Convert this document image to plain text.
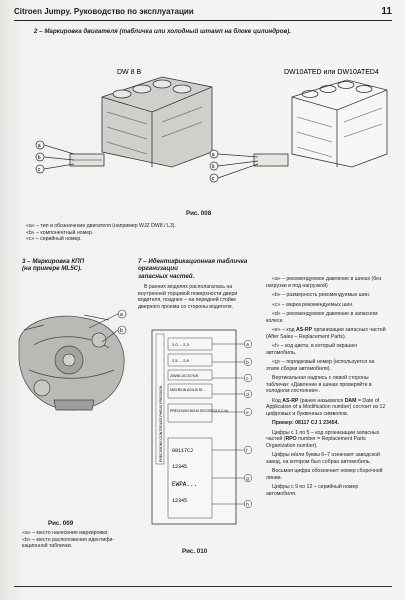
Citroen Jumpy. Руководство по эксплуатации	11
2 – Маркировка двигателя (табличка или холодный штамп на блоке цилиндров).
a
b
c
DW 8 B	DW10ATED или DW10ATED4
a
b
c
Рис. 008
«a» – тип и обозначение двигателя (например WJZ DW8 / L3).
«b» – компонентный номер.
«c» – серийный номер.
3 – Маркировка КПП
(на примере ML5C).
a
b
Рис. 009
«a» – место нанесения маркировки;
«b» – место расположения идентифи-кационной таблички.
7 – Идентификационная табличка организации
запасных частей.

В ранних моделях располагалась на внутренней торцевой поверхности двери водителя, позднее – на передней стойке дверного проема со стороны водителя.

PRECISIONS CONTROLES PNEUS PRESSION
2,0 ... 2,3
2,5 ... 2,8
205/65 16 107/105
MICHELIN AGILIS 81 ...
PRECISION BOUX EECS9E03 0.C.6s
08117CJ
12345
EWPA...
12345
a
b
c
d
e
f
g
h
Рис. 010

«a» – рекомендуемое давление в шинах (без нагрузки и под нагрузкой)

«b» – размерность рекомендуемых шин.

«c» – марка рекомендуемых шин.

«d» – рекомендуемое давление в запасном колесе.

«e» – код AS-RP организации запасных частей (After Sales – Replacement Parts).

«f» – код цвета, в который окрашен автомобиль.

«g» – порядковый номер (используется на этапе сборки автомобиля).

Вертикальная надпись с левой стороны таблички: «Давление в шинах проверяйте в холодном состоянии».

Код AS-RP (ранее назывался DAM = Date of Application of a Modification number) состоит из 12 цифровых и буквенных символов.

Пример: 08117 CJ 1 23454.

Цифры с 1 по 5 – код организации запасных частей (RPO number = Replacement Parts Organization number).

Цифры и/или буквы 6–7 означают заводской завод, на котором был собран автомобиль.

Восьмая цифра обозначает номер сборочной линии.

Цифры с 9 по 12 – серийный номер автомобиля.
